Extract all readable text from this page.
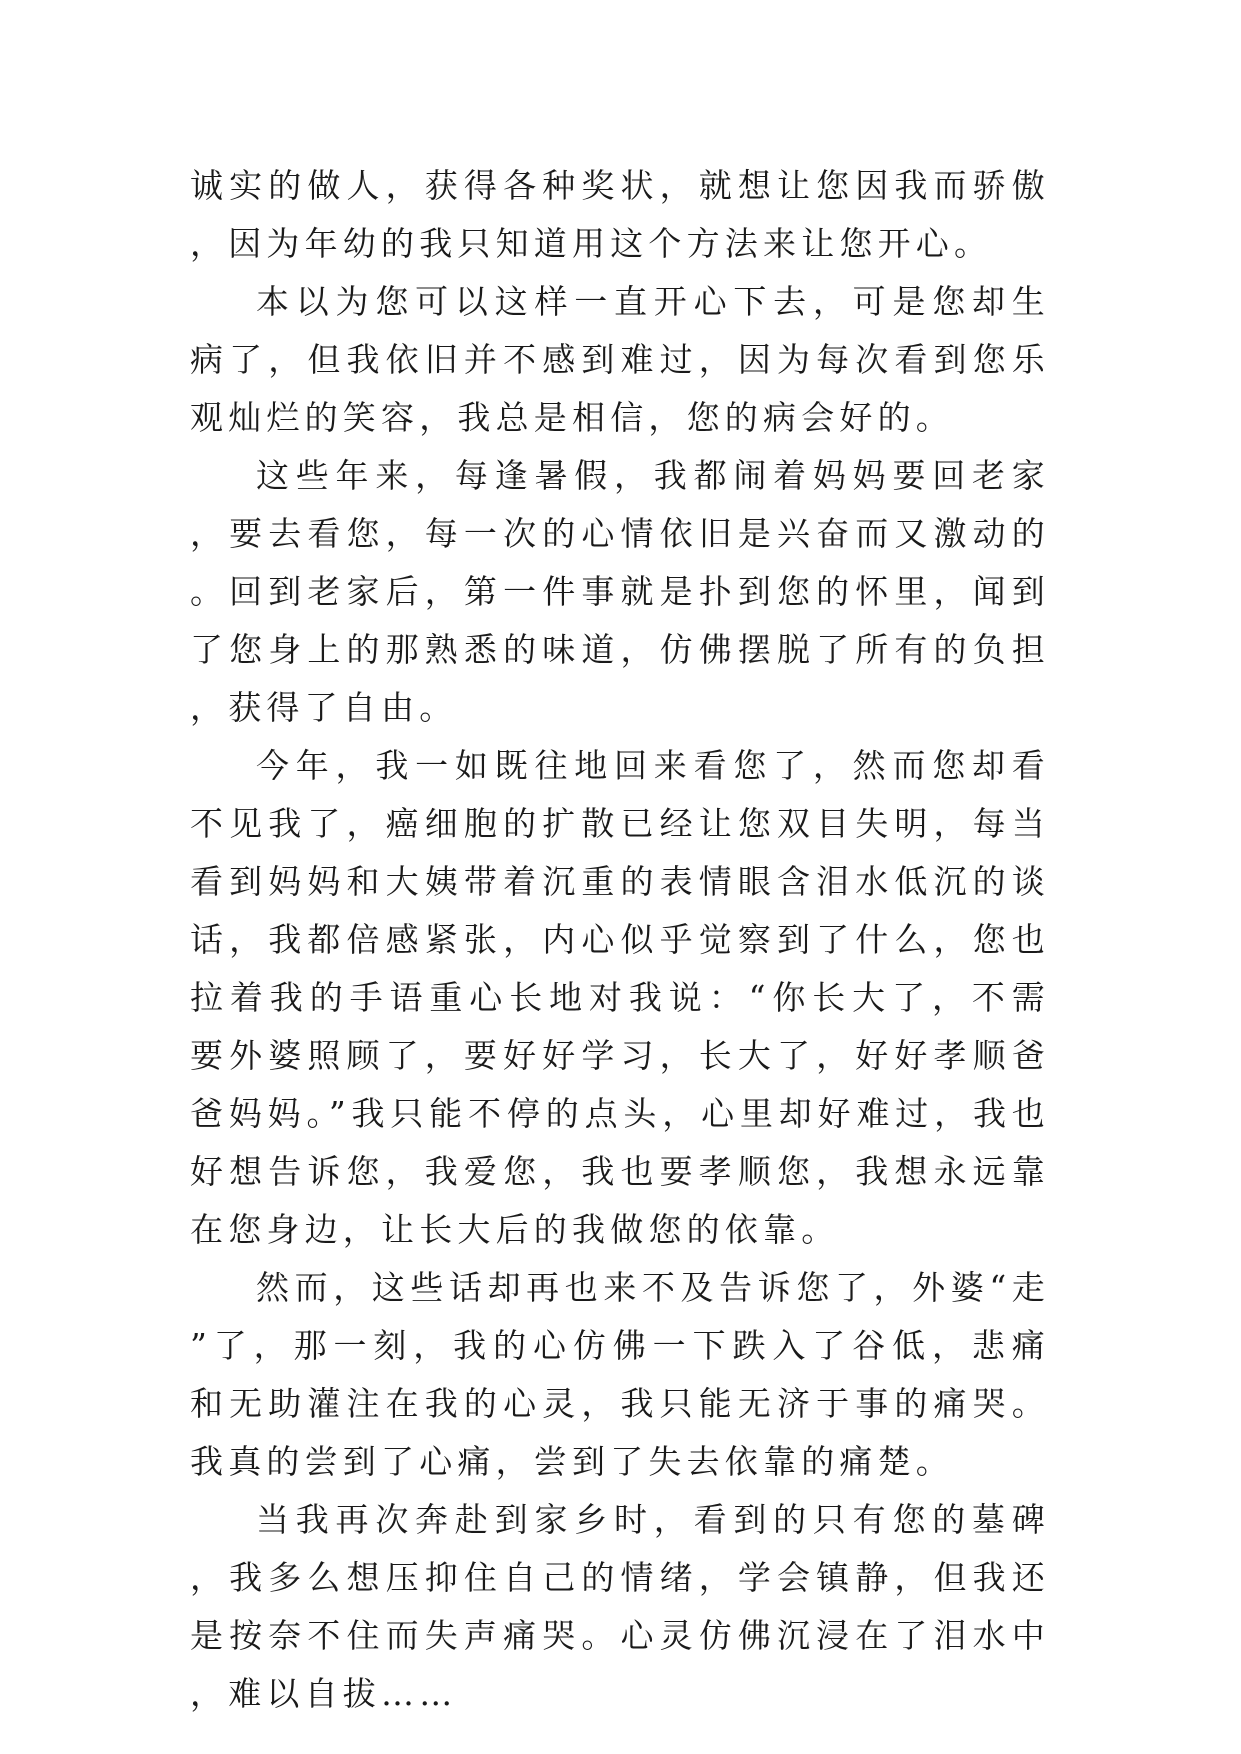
诚实的做人，获得各种奖状，就想让您因我而骄傲，因为年幼的我只知道用这个方法来让您开心。

本以为您可以这样一直开心下去，可是您却生病了，但我依旧并不感到难过，因为每次看到您乐观灿烂的笑容，我总是相信，您的病会好的。

这些年来，每逢暑假，我都闹着妈妈要回老家，要去看您，每一次的心情依旧是兴奋而又激动的。回到老家后，第一件事就是扑到您的怀里，闻到了您身上的那熟悉的味道，仿佛摆脱了所有的负担，获得了自由。

今年，我一如既往地回来看您了，然而您却看不见我了，癌细胞的扩散已经让您双目失明，每当看到妈妈和大姨带着沉重的表情眼含泪水低沉的谈话，我都倍感紧张，内心似乎觉察到了什么，您也拉着我的手语重心长地对我说：“你长大了，不需要外婆照顾了，要好好学习，长大了，好好孝顺爸爸妈妈。”我只能不停的点头，心里却好难过，我也好想告诉您，我爱您，我也要孝顺您，我想永远靠在您身边，让长大后的我做您的依靠。

然而，这些话却再也来不及告诉您了，外婆“走”了，那一刻，我的心仿佛一下跌入了谷低，悲痛和无助灌注在我的心灵，我只能无济于事的痛哭。我真的尝到了心痛，尝到了失去依靠的痛楚。

当我再次奔赴到家乡时，看到的只有您的墓碑，我多么想压抑住自己的情绪，学会镇静，但我还是按奈不住而失声痛哭。心灵仿佛沉浸在了泪水中，难以自拔……
